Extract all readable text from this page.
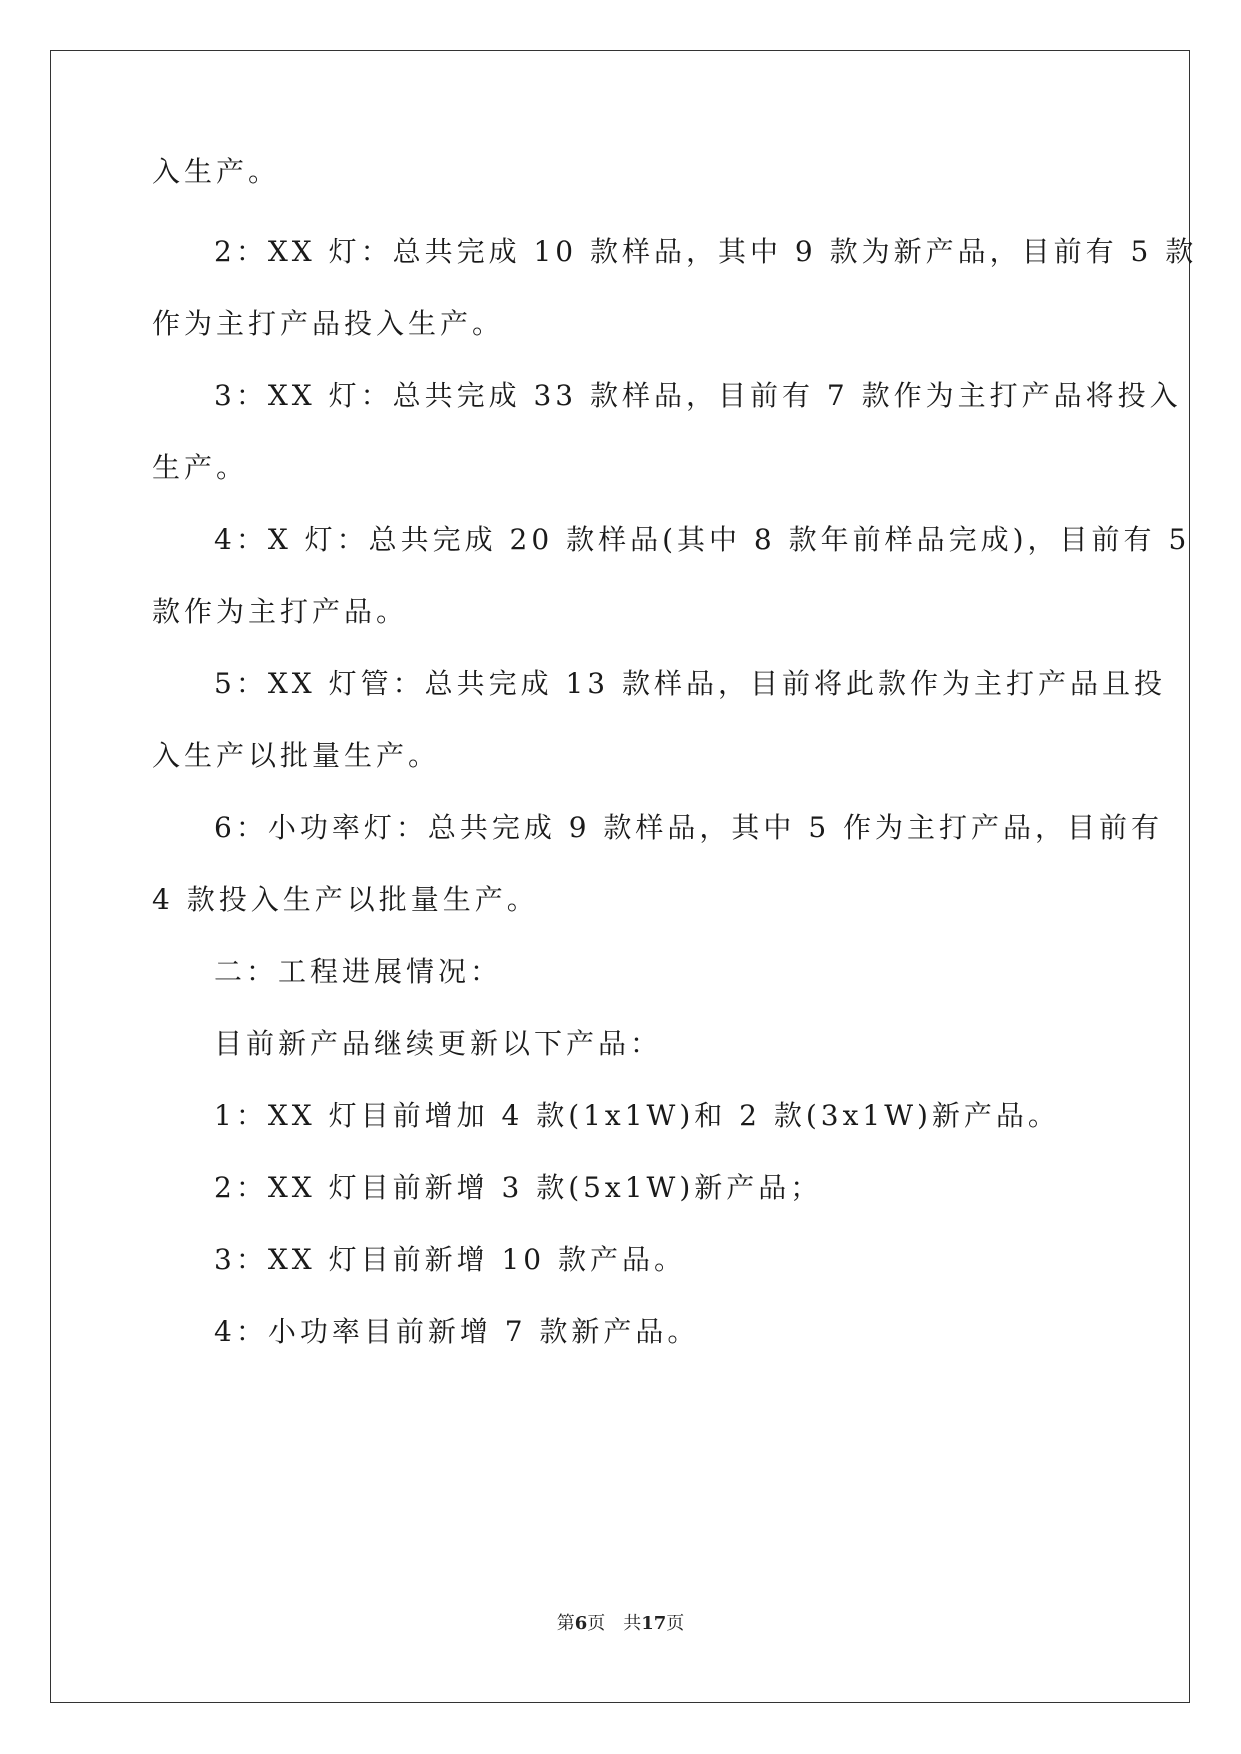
入生产。
2：XX 灯：总共完成 10 款样品，其中 9 款为新产品，目前有 5 款
作为主打产品投入生产。
3：XX 灯：总共完成 33 款样品，目前有 7 款作为主打产品将投入
生产。
4：X 灯：总共完成 20 款样品(其中 8 款年前样品完成)，目前有 5
款作为主打产品。
5：XX 灯管：总共完成 13 款样品，目前将此款作为主打产品且投
入生产以批量生产。
6：小功率灯：总共完成 9 款样品，其中 5 作为主打产品，目前有
4 款投入生产以批量生产。
二：工程进展情况：
目前新产品继续更新以下产品：
1：XX 灯目前增加 4 款(1x1W)和 2 款(3x1W)新产品。
2：XX 灯目前新增 3 款(5x1W)新产品；
3：XX 灯目前新增 10 款产品。
4：小功率目前新增 7 款新产品。
第6页 共17页
